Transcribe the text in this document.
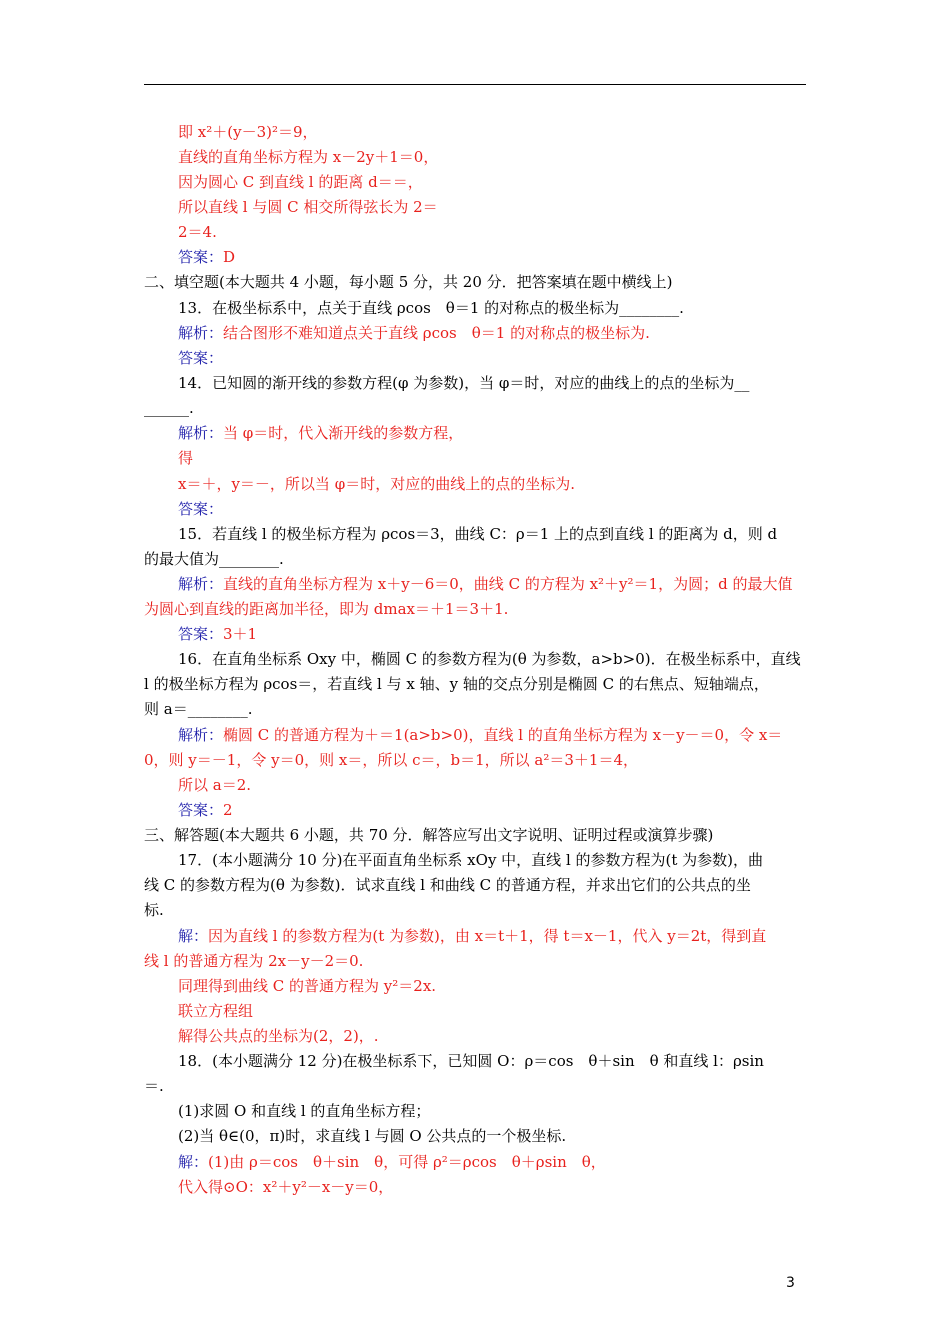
即 x²＋(y－3)²＝9，
直线的直角坐标方程为 x－2y＋1＝0，
因为圆心 C 到直线 l 的距离 d＝＝，
所以直线 l 与圆 C 相交所得弦长为 2＝
2＝4.
答案：D
二、填空题(本大题共 4 小题，每小题 5 分，共 20 分．把答案填在题中横线上)
13．在极坐标系中，点关于直线 ρcos　θ＝1 的对称点的极坐标为________.
解析：结合图形不难知道点关于直线 ρcos　θ＝1 的对称点的极坐标为.
答案：
14．已知圆的渐开线的参数方程(φ 为参数)，当 φ＝时，对应的曲线上的点的坐标为__
______.
解析：当 φ＝时，代入渐开线的参数方程，
得
x＝＋，y＝－，所以当 φ＝时，对应的曲线上的点的坐标为.
答案：
15．若直线 l 的极坐标方程为 ρcos＝3，曲线 C：ρ＝1 上的点到直线 l 的距离为 d，则 d
的最大值为________.
解析：直线的直角坐标方程为 x＋y－6＝0，曲线 C 的方程为 x²＋y²＝1，为圆；d 的最大值
为圆心到直线的距离加半径，即为 dmax＝＋1＝3＋1.
答案：3＋1
16．在直角坐标系 Oxy 中，椭圆 C 的参数方程为(θ 为参数，a>b>0)．在极坐标系中，直线
l 的极坐标方程为 ρcos＝，若直线 l 与 x 轴、y 轴的交点分别是椭圆 C 的右焦点、短轴端点，
则 a＝________.
解析：椭圆 C 的普通方程为＋＝1(a>b>0)，直线 l 的直角坐标方程为 x－y－＝0，令 x＝
0，则 y＝－1，令 y＝0，则 x＝，所以 c＝，b＝1，所以 a²＝3＋1＝4，
所以 a＝2.
答案：2
三、解答题(本大题共 6 小题，共 70 分．解答应写出文字说明、证明过程或演算步骤)
17．(本小题满分 10 分)在平面直角坐标系 xOy 中，直线 l 的参数方程为(t 为参数)，曲
线 C 的参数方程为(θ 为参数)．试求直线 l 和曲线 C 的普通方程，并求出它们的公共点的坐
标.
解：因为直线 l 的参数方程为(t 为参数)，由 x＝t＋1，得 t＝x－1，代入 y＝2t，得到直
线 l 的普通方程为 2x－y－2＝0.
同理得到曲线 C 的普通方程为 y²＝2x.
联立方程组
解得公共点的坐标为(2，2)，.
18．(本小题满分 12 分)在极坐标系下，已知圆 O：ρ＝cos　θ＋sin　θ 和直线 l：ρsin
＝.
(1)求圆 O 和直线 l 的直角坐标方程；
(2)当 θ∈(0，π)时，求直线 l 与圆 O 公共点的一个极坐标.
解：(1)由 ρ＝cos　θ＋sin　θ，可得 ρ²＝ρcos　θ＋ρsin　θ，
代入得⊙O：x²＋y²－x－y＝0，
3
